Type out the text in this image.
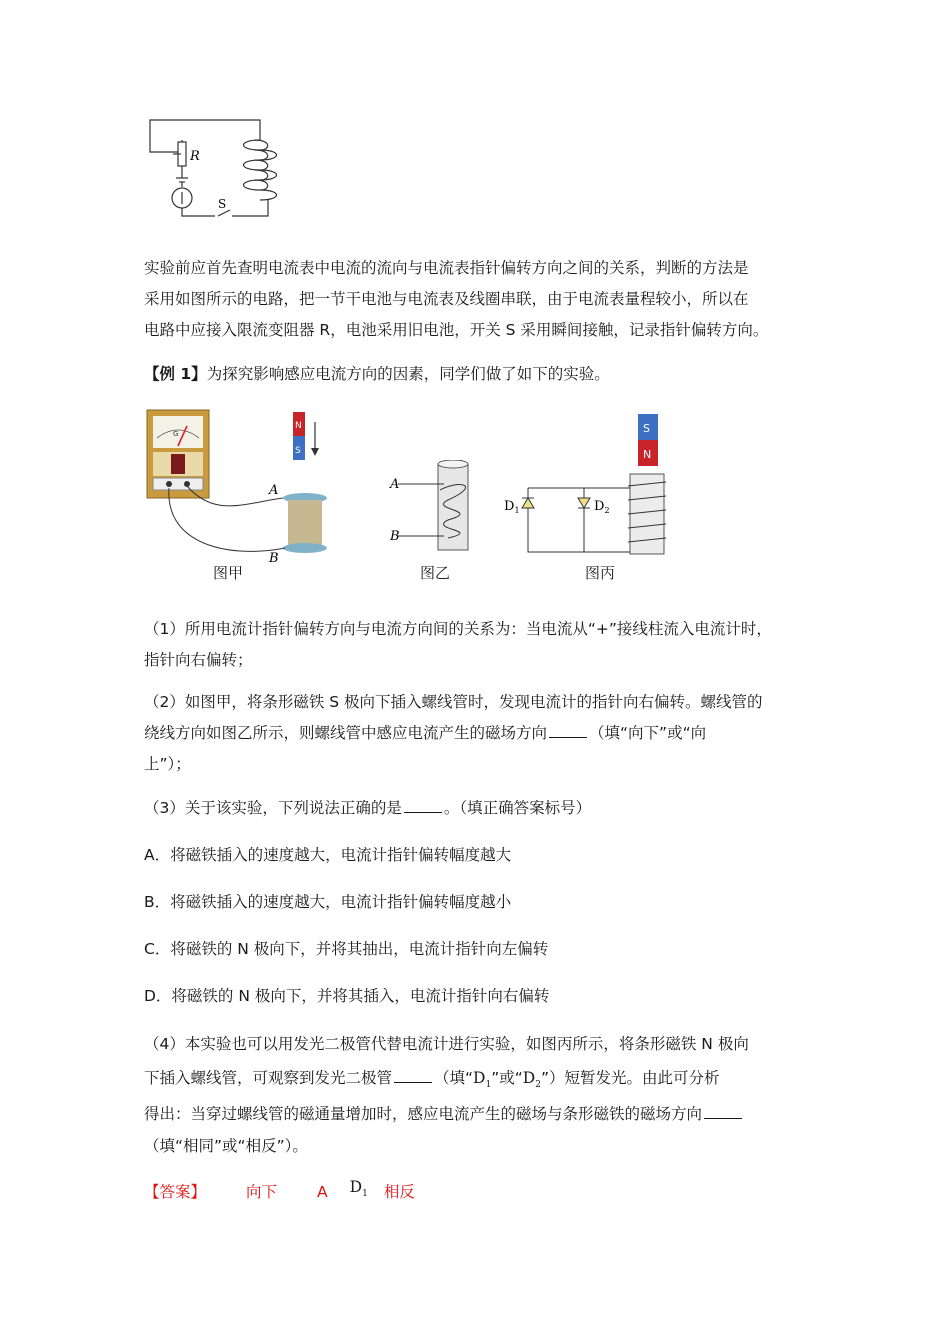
R
S
实验前应首先查明电流表中电流的流向与电流表指针偏转方向之间的关系，判断的方法是
采用如图所示的电路，把一节干电池与电流表及线圈串联，由于电流表量程较小，所以在
电路中应接入限流变阻器 R，电池采用旧电池，开关 S 采用瞬间接触，记录指针偏转方向。
【例 1】为探究影响感应电流方向的因素，同学们做了如下的实验。
G
N
S
A
B
图甲
A
B
图乙
S
N
$D_1$	$D_2$
图丙
（1）所用电流计指针偏转方向与电流方向间的关系为：当电流从“+”接线柱流入电流计时，
指针向右偏转；
（2）如图甲，将条形磁铁 S 极向下插入螺线管时，发现电流计的指针向右偏转。螺线管的
绕线方向如图乙所示，则螺线管中感应电流产生的磁场方向	（填“向下”或“向
上”）；
（3）关于该实验，下列说法正确的是	。（填正确答案标号）
A．将磁铁插入的速度越大，电流计指针偏转幅度越大
B．将磁铁插入的速度越大，电流计指针偏转幅度越小
C．将磁铁的 N 极向下，并将其抽出，电流计指针向左偏转
D．将磁铁的 N 极向下，并将其插入，电流计指针向右偏转
（4）本实验也可以用发光二极管代替电流计进行实验，如图丙所示，将条形磁铁 N 极向
下插入螺线管，可观察到发光二极管	（填“$D_1$”或“$D_2$”）短暂发光。由此可分析
得出：当穿过螺线管的磁通量增加时，感应电流产生的磁场与条形磁铁的磁场方向
（填“相同”或“相反”）。
【答案】	向下	A $D_1$ 相反
